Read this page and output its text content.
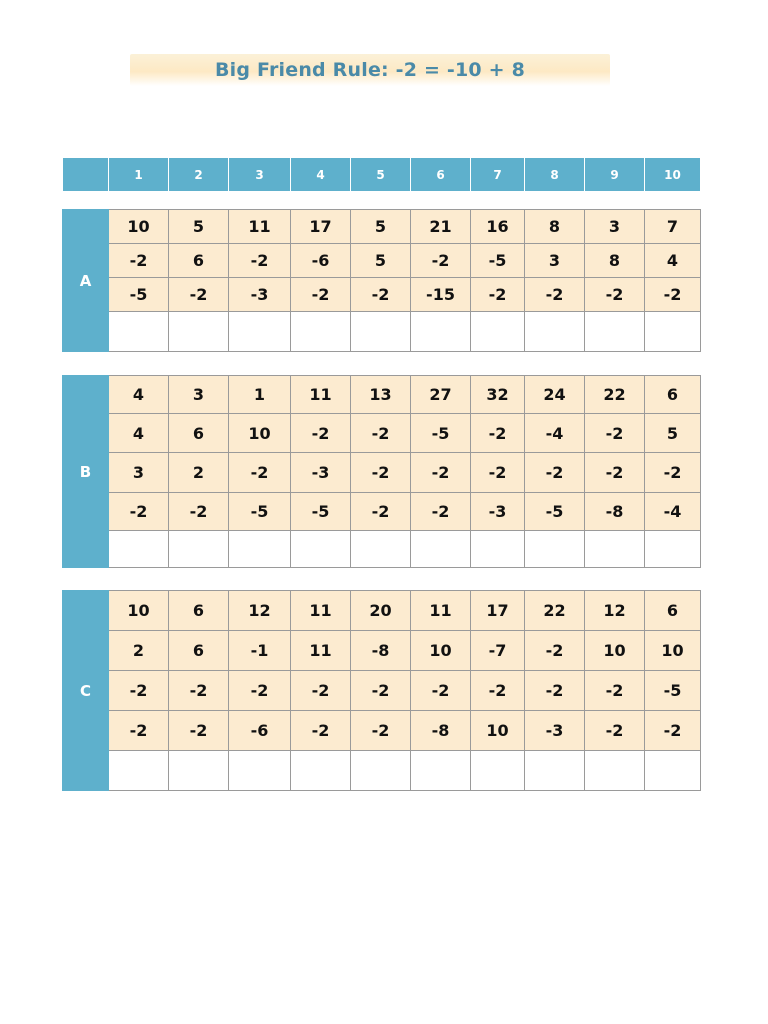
Big Friend Rule: -2 = -10 + 8
	1	2	3	4	5	6	7	8	9	10
A	10	5	11	17	5	21	16	8	3	7
	-2	6	-2	-6	5	-2	-5	3	8	4
	-5	-2	-3	-2	-2	-15	-2	-2	-2	-2

B	4	3	1	11	13	27	32	24	22	6
	4	6	10	-2	-2	-5	-2	-4	-2	5
	3	2	-2	-3	-2	-2	-2	-2	-2	-2
	-2	-2	-5	-5	-2	-2	-3	-5	-8	-4

C	10	6	12	11	20	11	17	22	12	6
	2	6	-1	11	-8	10	-7	-2	10	10
	-2	-2	-2	-2	-2	-2	-2	-2	-2	-5
	-2	-2	-6	-2	-2	-8	10	-3	-2	-2
